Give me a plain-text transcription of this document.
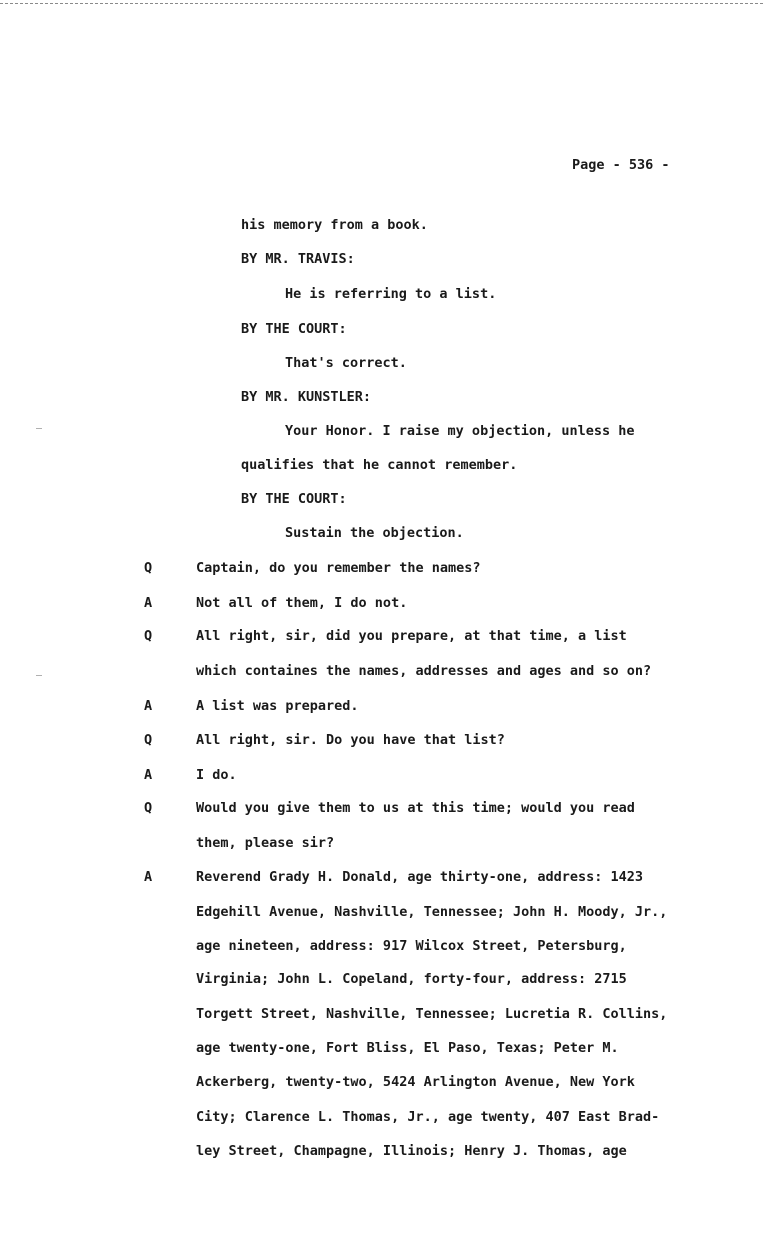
Page - 536 -
his memory from a book.
BY MR. TRAVIS:
He is referring to a list.
BY THE COURT:
That's correct.
BY MR. KUNSTLER:
Your Honor. I raise my objection, unless he
qualifies that he cannot remember.
BY THE COURT:
Sustain the objection.
Q	Captain, do you remember the names?
A	Not all of them, I do not.
Q	All right, sir, did you prepare, at that time, a list
which containes the names, addresses and ages and so on?
A	A list was prepared.
Q	All right, sir. Do you have that list?
A	I do.
Q	Would you give them to us at this time; would you read
them, please sir?
A	Reverend Grady H. Donald, age thirty-one, address: 1423
Edgehill Avenue, Nashville, Tennessee; John H. Moody, Jr.,
age nineteen, address: 917 Wilcox Street, Petersburg,
Virginia; John L. Copeland, forty-four, address: 2715
Torgett Street, Nashville, Tennessee; Lucretia R. Collins,
age twenty-one, Fort Bliss, El Paso, Texas; Peter M.
Ackerberg, twenty-two, 5424 Arlington Avenue, New York
City; Clarence L. Thomas, Jr., age twenty, 407 East Brad-
ley Street, Champagne, Illinois; Henry J. Thomas, age
